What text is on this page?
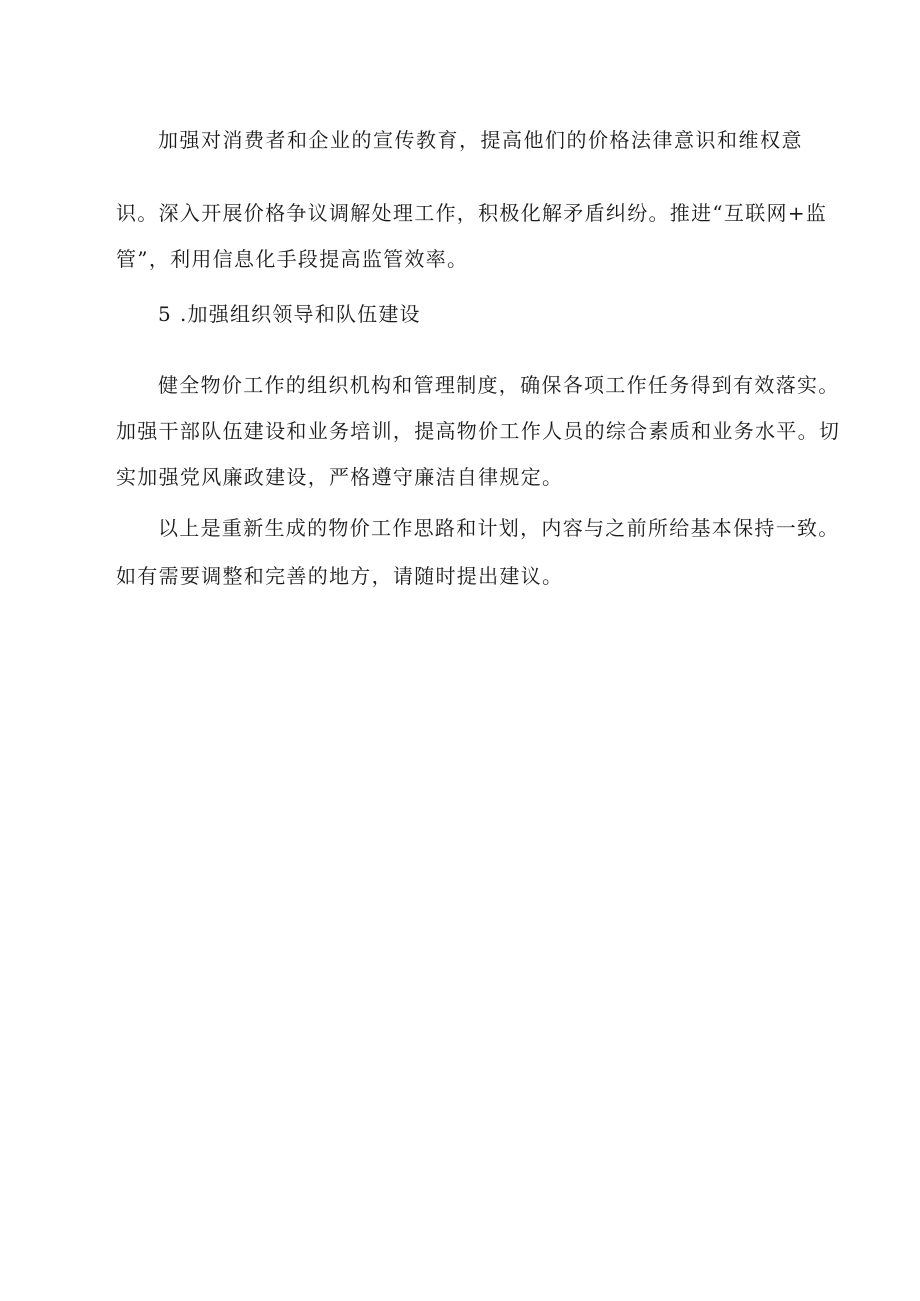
加强对消费者和企业的宣传教育，提高他们的价格法律意识和维权意
识。深入开展价格争议调解处理工作，积极化解矛盾纠纷。推进“互联网+监
管”，利用信息化手段提高监管效率。
5 .加强组织领导和队伍建设
健全物价工作的组织机构和管理制度，确保各项工作任务得到有效落实。
加强干部队伍建设和业务培训，提高物价工作人员的综合素质和业务水平。切
实加强党风廉政建设，严格遵守廉洁自律规定。
以上是重新生成的物价工作思路和计划，内容与之前所给基本保持一致。
如有需要调整和完善的地方，请随时提出建议。
